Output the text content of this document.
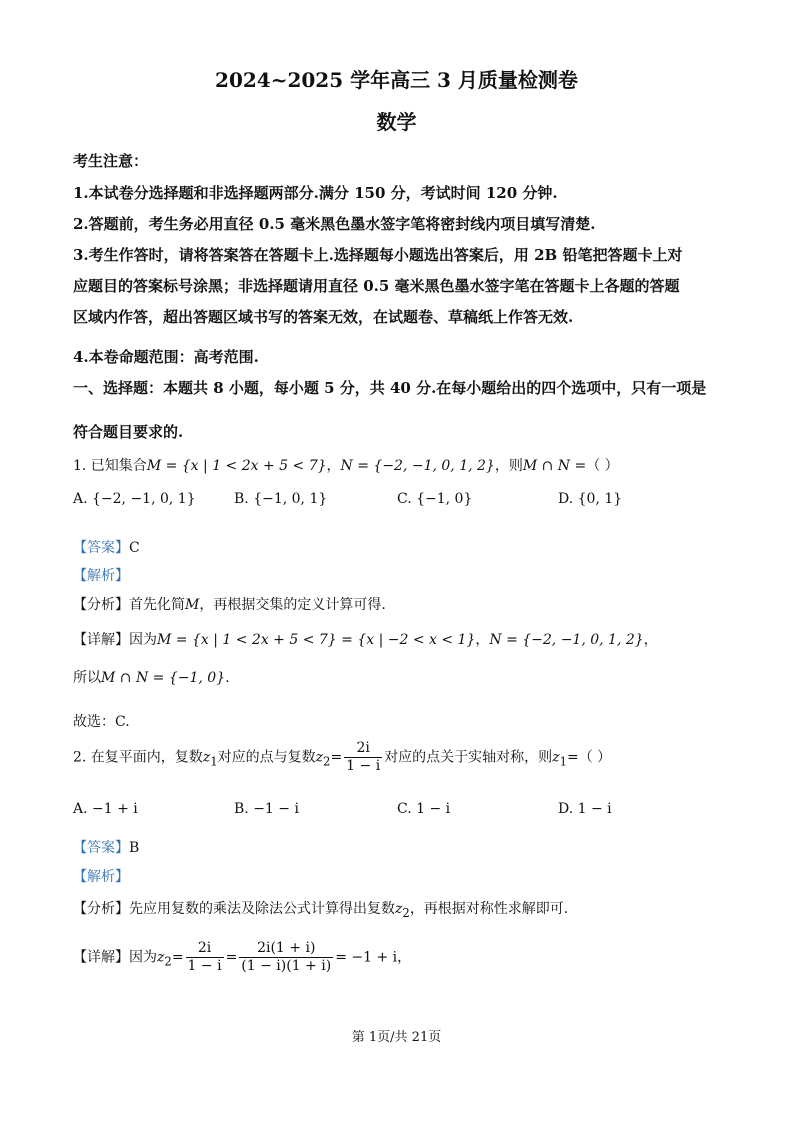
2024~2025 学年高三 3 月质量检测卷
数学
考生注意：
1.本试卷分选择题和非选择题两部分.满分 150 分，考试时间 120 分钟.
2.答题前，考生务必用直径 0.5 毫米黑色墨水签字笔将密封线内项目填写清楚.
3.考生作答时，请将答案答在答题卡上.选择题每小题选出答案后，用 2B 铅笔把答题卡上对
应题目的答案标号涂黑；非选择题请用直径 0.5 毫米黑色墨水签字笔在答题卡上各题的答题
区域内作答，超出答题区域书写的答案无效，在试题卷、草稿纸上作答无效.
4.本卷命题范围：高考范围.
一、选择题：本题共 8 小题，每小题 5 分，共 40 分.在每小题给出的四个选项中，只有一项是
符合题目要求的.
1. 已知集合M = {x | 1 < 2x + 5 < 7}，N = {−2, −1, 0, 1, 2}，则M ∩ N =（ ）
A. {−2, −1, 0, 1}	B. {−1, 0, 1}	C. {−1, 0}	D. {0, 1}
【答案】C
【解析】
【分析】首先化简M，再根据交集的定义计算可得.
【详解】因为M = {x | 1 < 2x + 5 < 7} = {x | −2 < x < 1}，N = {−2, −1, 0, 1, 2}，
所以M ∩ N = {−1, 0}.
故选：C.
2. 在复平面内，复数$z_1$对应的点与复数$z_2= \frac{2i}{1 - i}$ 对应的点关于实轴对称，则$z_1=$（ ）
A. −1 + i	B. −1 − i	C. 1 − i	D. 1 − i
【答案】B
【解析】
【分析】先应用复数的乘法及除法公式计算得出复数$z_2$，再根据对称性求解即可.
【详解】因为$z_2= \frac{2i}{1 - i} = \frac{2i(1 + i)}{(1 - i)(1 + i)} = -1 + i$，
第 1页/共 21页
